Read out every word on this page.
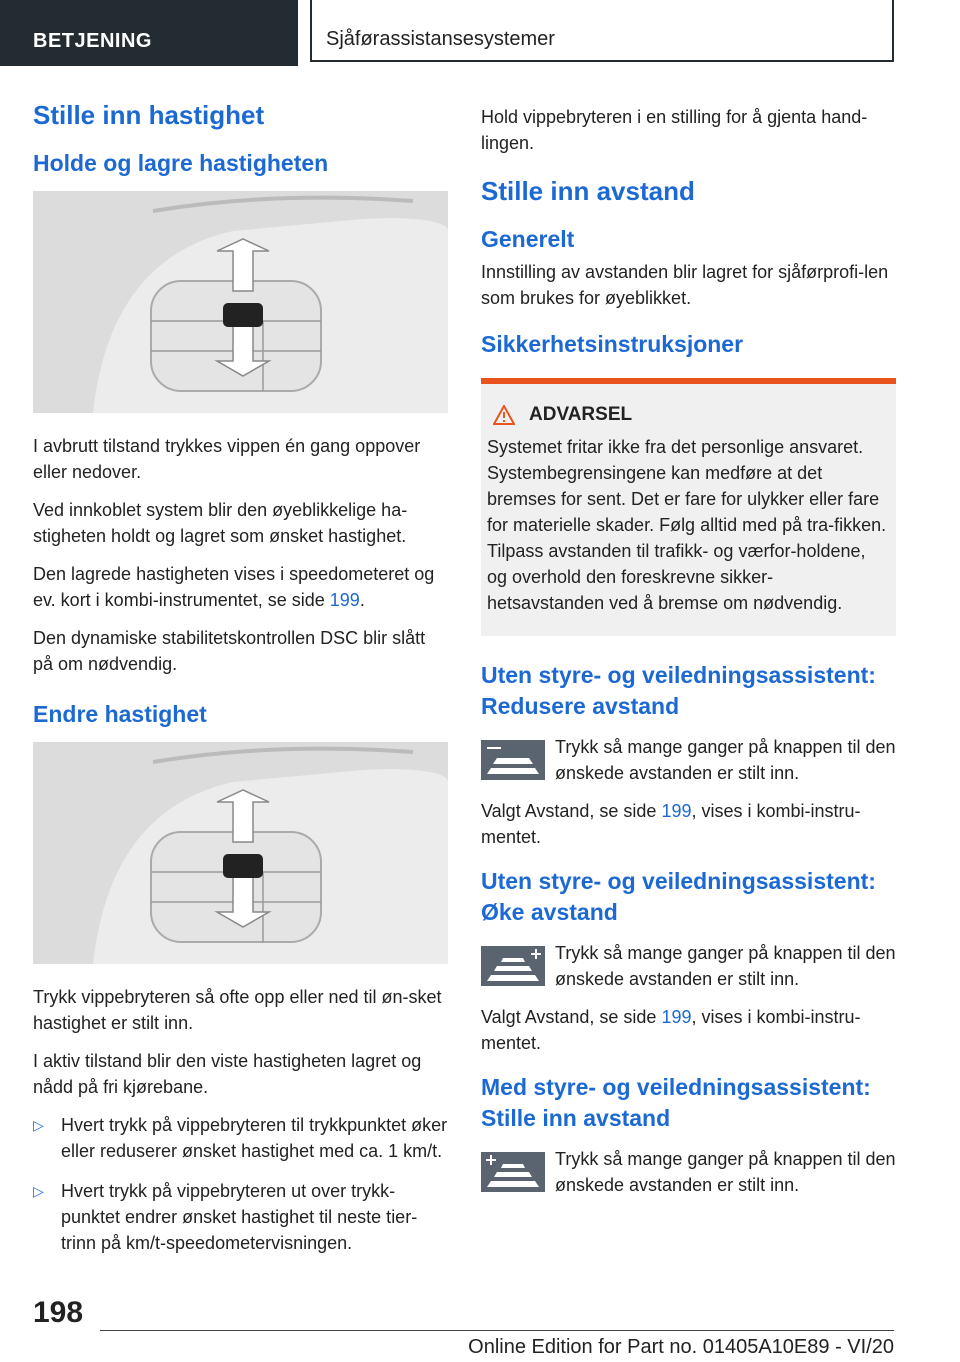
BETJENING	Sjåførassistansesystemer
Stille inn hastighet
Holde og lagre hastigheten

I avbrutt tilstand trykkes vippen én gang oppover eller nedover.

Ved innkoblet system blir den øyeblikkelige ha-stigheten holdt og lagret som ønsket hastighet.

Den lagrede hastigheten vises i speedometeret og ev. kort i kombi-instrumentet, se side 199.

Den dynamiske stabilitetskontrollen DSC blir slått på om nødvendig.

Endre hastighet

Trykk vippebryteren så ofte opp eller ned til øn-sket hastighet er stilt inn.

I aktiv tilstand blir den viste hastigheten lagret og nådd på fri kjørebane.

▷ Hvert trykk på vippebryteren til trykkpunktet øker eller reduserer ønsket hastighet med ca. 1 km/t.
▷ Hvert trykk på vippebryteren ut over trykk-punktet endrer ønsket hastighet til neste tier-trinn på km/t-speedometervisningen.

Hold vippebryteren i en stilling for å gjenta hand-lingen.

Stille inn avstand
Generelt

Innstilling av avstanden blir lagret for sjåførprofi-len som brukes for øyeblikket.

Sikkerhetsinstruksjoner
ADVARSEL

Systemet fritar ikke fra det personlige ansvaret. Systembegrensingene kan medføre at det bremses for sent. Det er fare for ulykker eller fare for materielle skader. Følg alltid med på tra-fikken. Tilpass avstanden til trafikk- og værfor-holdene, og overhold den foreskrevne sikker-hetsavstanden ved å bremse om nødvendig.

Uten styre- og veiledningsassistent: Redusere avstand

Trykk så mange ganger på knappen til den ønskede avstanden er stilt inn.

Valgt Avstand, se side 199, vises i kombi-instru-mentet.

Uten styre- og veiledningsassistent: Øke avstand

Trykk så mange ganger på knappen til den ønskede avstanden er stilt inn.

Valgt Avstand, se side 199, vises i kombi-instru-mentet.

Med styre- og veiledningsassistent: Stille inn avstand

Trykk så mange ganger på knappen til den ønskede avstanden er stilt inn.

198
Online Edition for Part no. 01405A10E89 - VI/20
